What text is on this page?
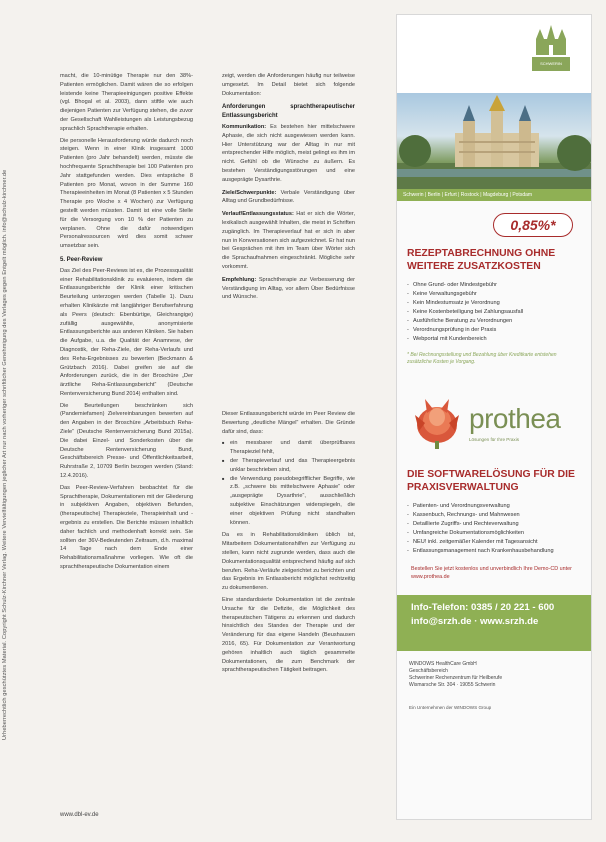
Urheberrechtlich geschütztes Material. Copyright Schulz-Kirchner Verlag. Weitere Vervielfältigungen jeglicher Art nur nach vorheriger schriftlicher Genehmigung des Verlages gegen Entgelt möglich. info@schulz-kirchner.de

macht, die 10-minütige Therapie nur den 38%-Patienten ermöglichen. Damit wären die so erfolgen leistende keine Therapieeinigungen positive Effekte (vgl. Bhogal et al. 2003), dann stiftle wie auch diejenigen Patienten zur Verfügung stehen, die zuvor der Gesellschaft Wahlleistungen als Leistungsbezug sprachlich Sprachtherapie erhalten.

Die personelle Herausforderung würde dadurch noch steigen. Wenn in einer Klinik insgesamt 1000 Patienten (pro Jahr behandelt) werden, müsste die hochfrequente Sprachtherapie bei 100 Patienten pro Jahr stattgefunden werden. Dies entspräche 8 Patienten pro Monat, wovon in der Summe 160 Therapieeinheiten im Monat (8 Patienten x 5 Stunden Therapie pro Woche x 4 Wochen) zur Verfügung gestellt werden müssten. Damit ist eine volle Stelle für die Versorgung von 10 % der Patienten zu verplanen. Ohne die dafür notwendigen Personalressourcen wird dies somit schwer umsetzbar sein.

5. Peer-Review

Das Ziel des Peer-Reviews ist es, die Prozessqualität einer Rehabilitationsklinik zu evaluieren, indem die Entlassungsberichte der Klinik einer kritischen Beurteilung unterzogen werden (Tabelle 1). Dazu erhalten Klinikärzte mit langjähriger Berufserfahrung als Peers (deutsch: Ebenbürtige, Gleichrangige) zufällig ausgewählte, anonymisierte Entlassungsberichte aus anderen Kliniken. Sie haben die Aufgabe, u.a. die Qualität der Anamnese, der Diagnostik, der Reha-Ziele, der Reha-Verlaufs und des Reha-Ergebnisses zu bewerten (Beckmann & Grützbach 2016). Dabei greifen sie auf die Anforderungen zurück, die in der Broschüre „Der ärztliche Reha-Entlassungsbericht“ (Deutsche Rentenversicherung Bund 2014) enthalten sind.

Die Beurteilungen beschränken sich (Pandemiefamen) Zielvereinbarungen bewerten auf den Angaben in der Broschüre „Arbeitsbuch Reha-Ziele“ (Deutsche Rentenversicherung Bund 2015a). Die dabei Einzel- und Sonderkosten über die Deutsche Rentenversicherung Bund, Geschäftsbereich Presse- und Öffentlichkeitsarbeit, Ruhrstraße 2, 10709 Berlin bezogen werden (Stand: 12.4.2016).

Das Peer-Review-Verfahren beobachtet für die Sprachtherapie, Dokumentationen mit der Gliederung in subjektiven Angaben, objektiven Befunden, (therapeutische) Therapieziele, Therapieinhalt und -ergebnis zu erstellen. Die Berichte müssen inhaltlich daher fachlich und methodenhaft korrekt sein. Sie sollten der 36V-Bedeutenden Zeitraum, d.h. maximal 14 Tage nach dem Ende einer Rehabilitationsmaßnahme vorliegen. Wie oft die sprachtherapeutische Dokumentation einem

zeigt, werden die Anforderungen häufig nur teilweise umgesetzt. Im Detail bietet sich folgende Dokumentation:

Anforderungen sprachtherapeutischer Entlassungsbericht
Kommunikation: Es bestehen hier mittelschwere Aphasie, die sich nicht ausgewiesen werden kann. Hier Unterstützung war der Alltag in nur mit entsprechender Hilfe möglich, meist gelingt es ihm im nicht. Gefühl ob die Wünsche zu äußern. Es bestehen Verständigungsstörungen und eine ausgeprägte Dysarthrie.
Ziele/Schwerpunkte: Verbale Verständigung über Alltag und Grundbedürfnisse.
Verlauf/Entlassungsstatus: Hat er sich die Wörter, lexikalisch ausgewählt Inhalten, die meist in Schriften zugänglich. Im Therapieverlauf hat er sich in aber nun in Konversationen sich aufgezeichnet. Er hat nun bei Gesprächen mit ihm im Team über Wörter sich die Sprachaufnahmen eingeschränkt. Mögliche sehr vorkommt.
Empfehlung: Sprachtherapie zur Verbesserung der Verständigung im Alltag, vor allem Über Bedürfnisse und Wünsche.

Dieser Entlassungsbericht würde im Peer Review die Bewertung „deutliche Mängel“ erhalten. Die Gründe dafür sind, dass:

■ ein messbarer und damit überprüfbares Therapieziel fehlt,
■ der Therapieverlauf und das Therapieergebnis unklar beschrieben sind,
■ die Verwendung pseudobegrifflicher Begriffe, wie z.B. „schwere bis mittelschwere Aphasie“ oder „ausgeprägte Dysarthrie“, ausschließlich subjektive Einschätzungen widerspiegeln, die einer objektiven Prüfung nicht standhalten können.

Da es in Rehabilitationskliniken üblich ist, Mitarbeitern Dokumentationshilfen zur Verfügung zu stellen, kann nicht zugrunde werden, dass auch die Dokumentationsqualität entsprechend häufig auf sich berufen. Reha-Verläufe zielgerichtet zu berichten und das Ergebnis im Entlassbericht möglichst rechtzeitig zu dokumentieren.

Eine standardisierte Dokumentation ist die zentrale Ursache für die Defizite, die Möglichkeit des therapeutischen Tätigens zu erkennen und dadurch hinsichtlich des Standes der Therapie und der Veränderung für das eigene Handeln (Beushausen 2016, 65). Für Dokumentation zur Verantwortung gehören inhaltlich auch täglich gesammelte Dokumentationen, die zum Benchmark der sprachtherapeutischen Tätigkeit beitragen.

www.dbl-ev.de
SCHWERIN
Schwerin | Berlin | Erfurt | Rostock | Magdeburg | Potsdam
0,85%*
REZEPTABRECHNUNG OHNE WEITERE ZUSATZKOSTEN
- Ohne Grund- oder Mindestgebühr
- Keine Verwaltungsgebühr
- Kein Mindestumsatz je Verordnung
- Keine Kostenbeteiligung bei Zahlungsausfall
- Ausführliche Beratung zu Verordnungen
- Verordnungsprüfung in der Praxis
- Webportal mit Kundenbereich
* Bei Rechnungsstellung und Bezahlung über Kreditkarte entstehen zusätzliche Kosten je Vorgang.
prothea
Lösungen für Ihre Praxis
DIE SOFTWARELÖSUNG FÜR DIE PRAXISVERWALTUNG
- Patienten- und Verordnungsverwaltung
- Kassenbuch, Rechnungs- und Mahnwesen
- Detaillierte Zugriffs- und Rechteverwaltung
- Umfangreiche Dokumentationsmöglichkeiten
- NEU! inkl. zeitgemäßer Kalender mit Tagesansicht
- Entlassungsmanagement nach Krankenhausbehandlung
Bestellen Sie jetzt kostenlos und unverbindlich Ihre Demo-CD unter www.prothea.de
Info-Telefon: 0385 / 20 221 - 600
info@srzh.de · www.srzh.de
WINDOWS HealthCare GmbH
Geschäftsbereich
Schweriner Rechenzentrum für Heilberufe
Wismarsche Str. 304 · 19055 Schwerin
Ein Unternehmen der WINDOWS Group
